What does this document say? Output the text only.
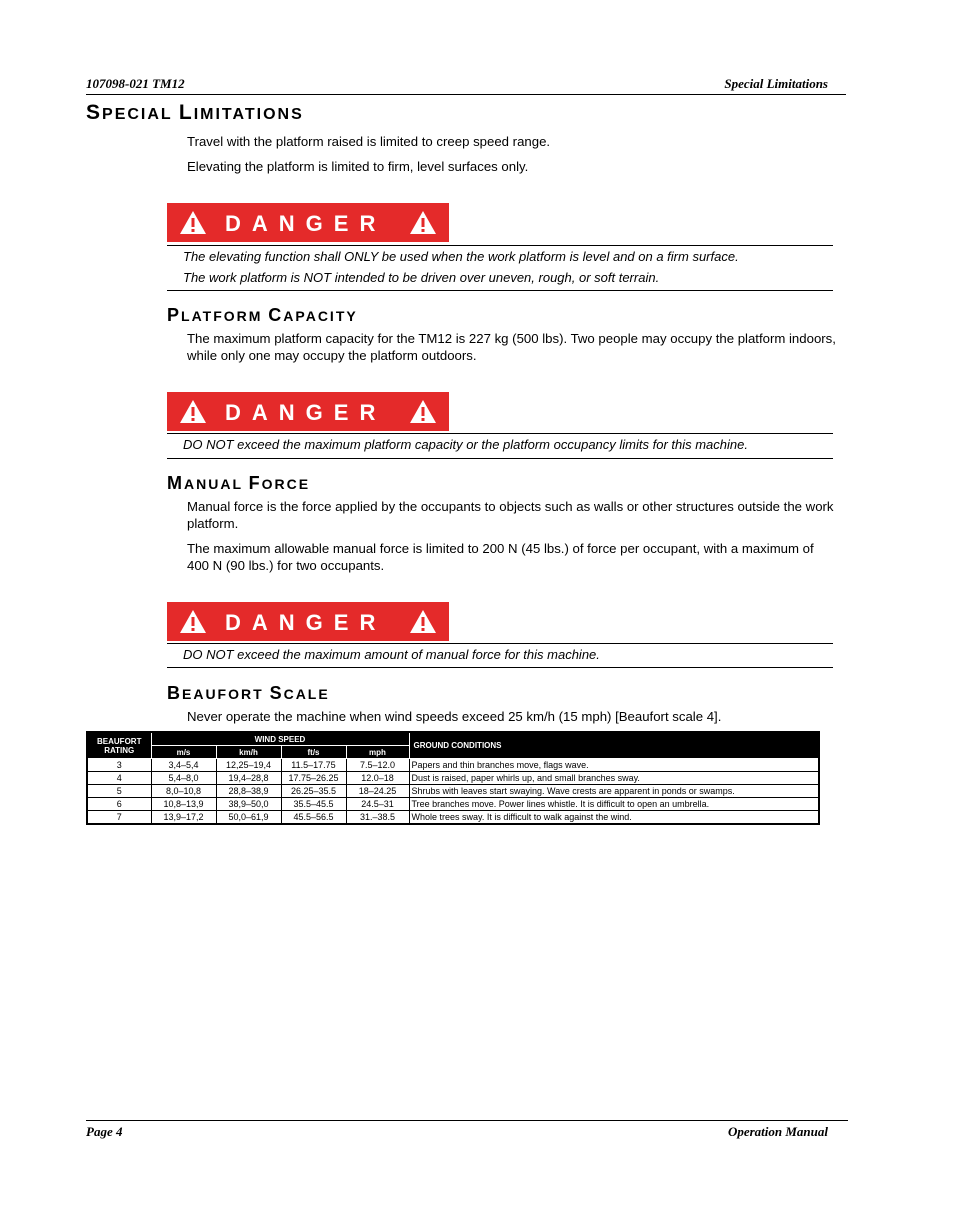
107098-021 TM12	Special Limitations
SPECIAL LIMITATIONS
Travel with the platform raised is limited to creep speed range.
Elevating the platform is limited to firm, level surfaces only.
DANGER
The elevating function shall ONLY be used when the work platform is level and on a firm surface.
The work platform is NOT intended to be driven over uneven, rough, or soft terrain.
PLATFORM CAPACITY
The maximum platform capacity for the TM12 is 227 kg (500 lbs). Two people may occupy the platform indoors, while only one may occupy the platform outdoors.
DANGER
DO NOT exceed the maximum platform capacity or the platform occupancy limits for this machine.
MANUAL FORCE
Manual force is the force applied by the occupants to objects such as walls or other structures outside the work platform.
The maximum allowable manual force is limited to 200 N (45 lbs.) of force per occupant, with a maximum of 400 N (90 lbs.) for two occupants.
DANGER
DO NOT exceed the maximum amount of manual force for this machine.
BEAUFORT SCALE
Never operate the machine when wind speeds exceed 25 km/h (15 mph) [Beaufort scale 4].
BEAUFORT
RATING	WIND SPEED				GROUND CONDITIONS
	m/s	km/h	ft/s	mph	
3	3,4–5,4	12,25–19,4	11.5–17.75	7.5–12.0	Papers and thin branches move, flags wave.
4	5,4–8,0	19,4–28,8	17.75–26.25	12.0–18	Dust is raised, paper whirls up, and small branches sway.
5	8,0–10,8	28,8–38,9	26.25–35.5	18–24.25	Shrubs with leaves start swaying. Wave crests are apparent in ponds or swamps.
6	10,8–13,9	38,9–50,0	35.5–45.5	24.5–31	Tree branches move. Power lines whistle. It is difficult to open an umbrella.
7	13,9–17,2	50,0–61,9	45.5–56.5	31.–38.5	Whole trees sway. It is difficult to walk against the wind.
Page 4	Operation Manual
